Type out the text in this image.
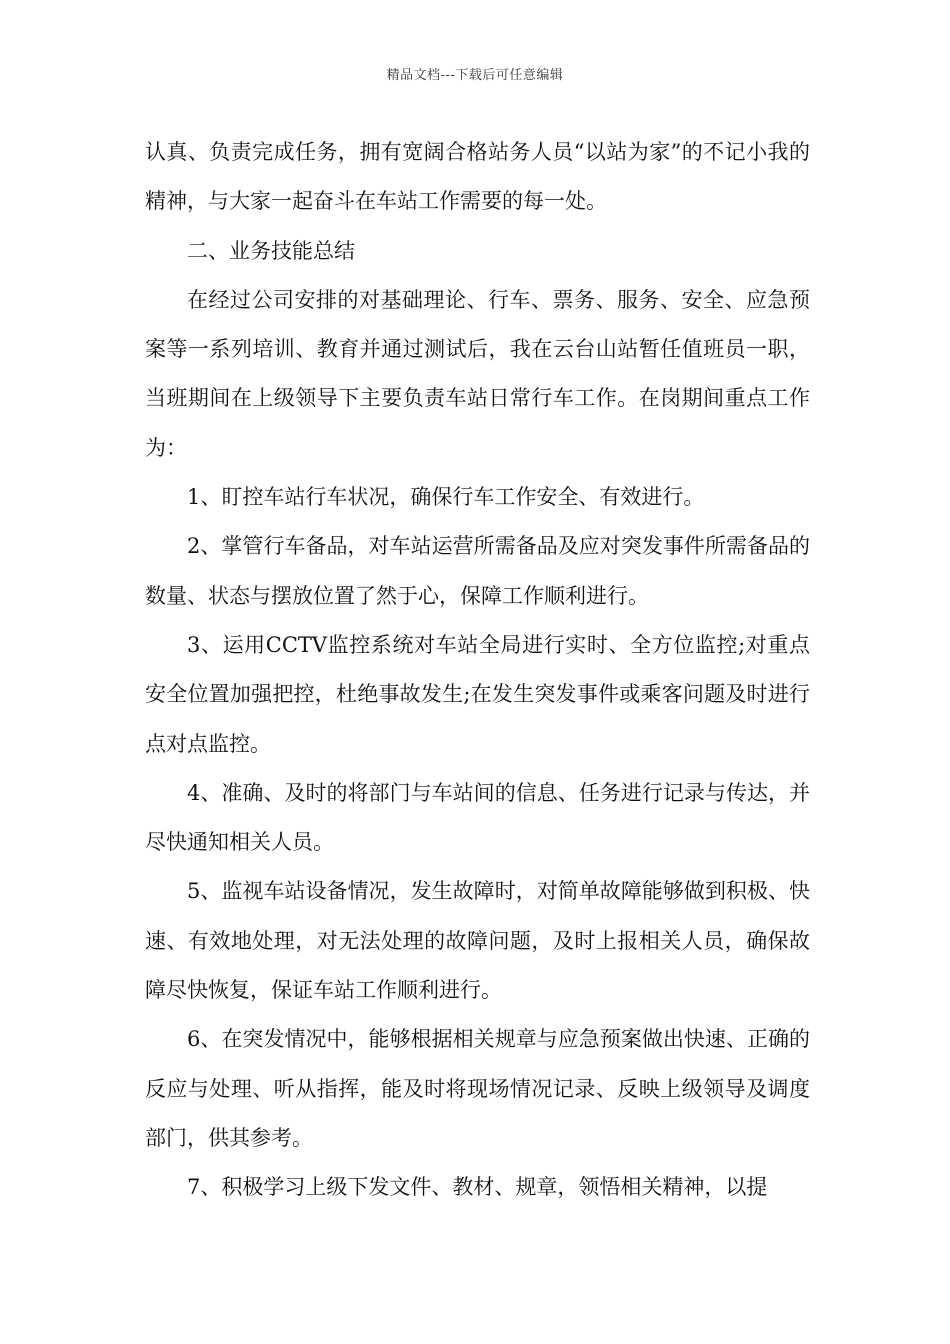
精品文档---下载后可任意编辑

认真、负责完成任务，拥有宽阔合格站务人员“以站为家”的不记小我的精神，与大家一起奋斗在车站工作需要的每一处。

二、业务技能总结

在经过公司安排的对基础理论、行车、票务、服务、安全、应急预案等一系列培训、教育并通过测试后，我在云台山站暂任值班员一职，当班期间在上级领导下主要负责车站日常行车工作。在岗期间重点工作为：

1、盯控车站行车状况，确保行车工作安全、有效进行。

2、掌管行车备品，对车站运营所需备品及应对突发事件所需备品的数量、状态与摆放位置了然于心，保障工作顺利进行。

3、运用CCTV监控系统对车站全局进行实时、全方位监控;对重点安全位置加强把控，杜绝事故发生;在发生突发事件或乘客问题及时进行点对点监控。

4、准确、及时的将部门与车站间的信息、任务进行记录与传达，并尽快通知相关人员。

5、监视车站设备情况，发生故障时，对简单故障能够做到积极、快速、有效地处理，对无法处理的故障问题，及时上报相关人员，确保故障尽快恢复，保证车站工作顺利进行。

6、在突发情况中，能够根据相关规章与应急预案做出快速、正确的反应与处理、听从指挥，能及时将现场情况记录、反映上级领导及调度部门，供其参考。

7、积极学习上级下发文件、教材、规章，领悟相关精神，以提
